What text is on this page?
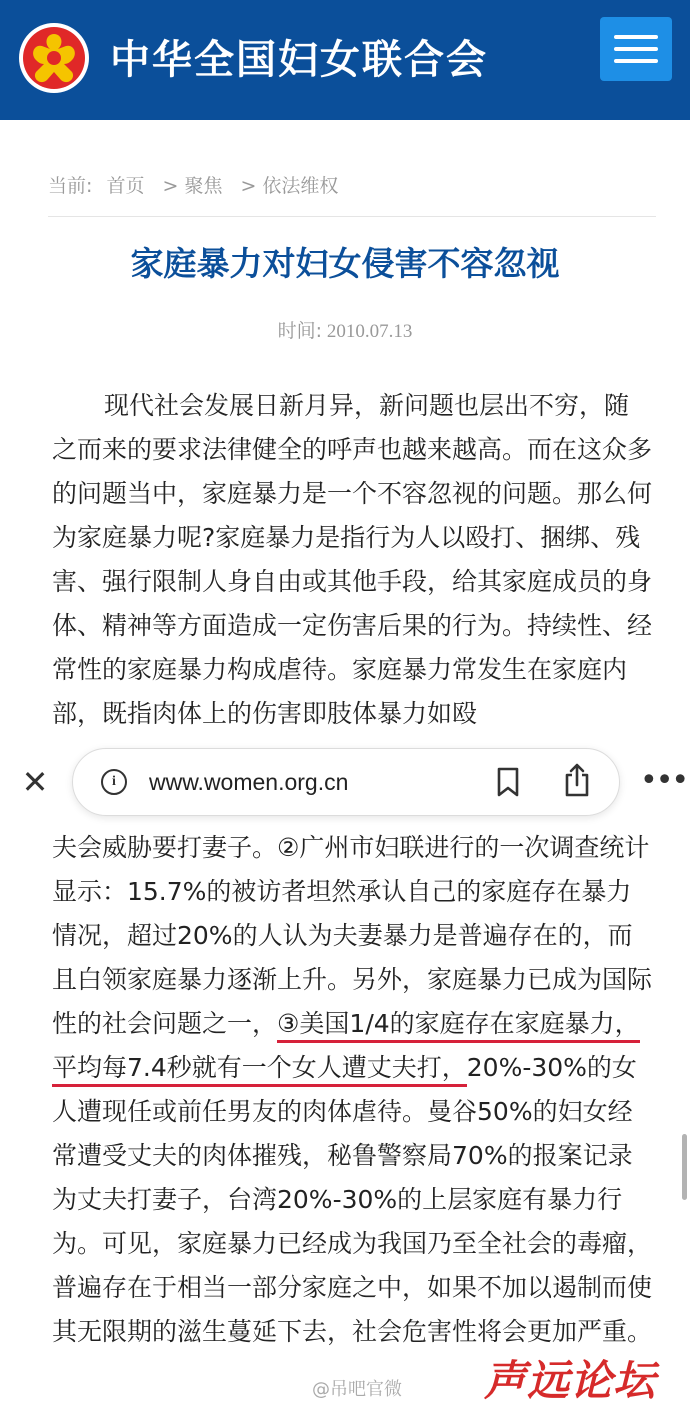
中华全国妇女联合会
当前: 首页 > 聚焦 > 依法维权
家庭暴力对妇女侵害不容忽视
时间: 2010.07.13
现代社会发展日新月异，新问题也层出不穷，随之而来的要求法律健全的呼声也越来越高。而在这众多的问题当中，家庭暴力是一个不容忽视的问题。那么何为家庭暴力呢?家庭暴力是指行为人以殴打、捆绑、残害、强行限制人身自由或其他手段，给其家庭成员的身体、精神等方面造成一定伤害后果的行为。持续性、经常性的家庭暴力构成虐待。家庭暴力常发生在家庭内部，既指肉体上的伤害即肢体暴力如殴
夫会威胁要打妻子。②广州市妇联进行的一次调查统计显示：15.7%的被访者坦然承认自己的家庭存在暴力情况，超过20%的人认为夫妻暴力是普遍存在的，而且白领家庭暴力逐渐上升。另外，家庭暴力已成为国际性的社会问题之一，③美国1/4的家庭存在家庭暴力，平均每7.4秒就有一个女人遭丈夫打，20%-30%的女人遭现任或前任男友的肉体虐待。曼谷50%的妇女经常遭受丈夫的肉体摧残，秘鲁警察局70%的报案记录为丈夫打妻子，台湾20%-30%的上层家庭有暴力行为。可见，家庭暴力已经成为我国乃至全社会的毒瘤，普遍存在于相当一部分家庭之中，如果不加以遏制而使其无限期的滋生蔓延下去，社会危害性将会更加严重。
✕	i	www.women.org.cn	•••
@吊吧官微 声远论坛
